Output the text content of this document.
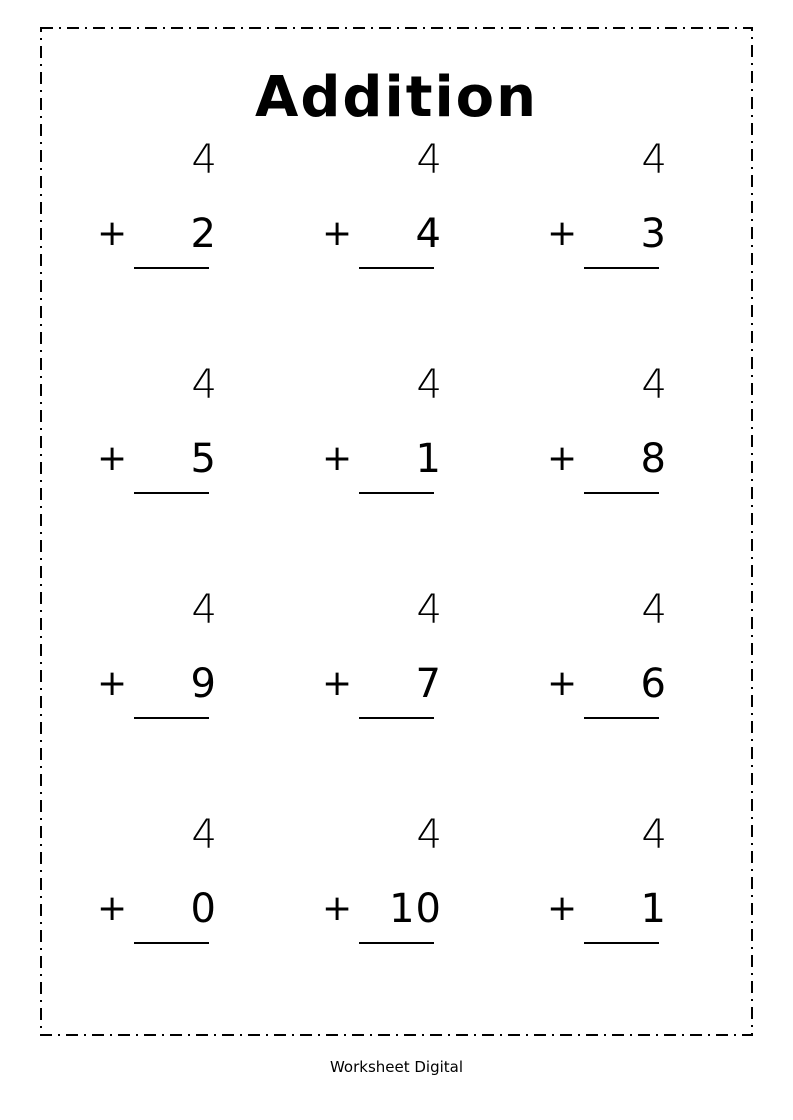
Addition
4
+ 2
4
+ 4
4
+ 3
4
+ 5
4
+ 1
4
+ 8
4
+ 9
4
+ 7
4
+ 6
4
+ 0
4
+ 10
4
+ 1
Worksheet Digital
